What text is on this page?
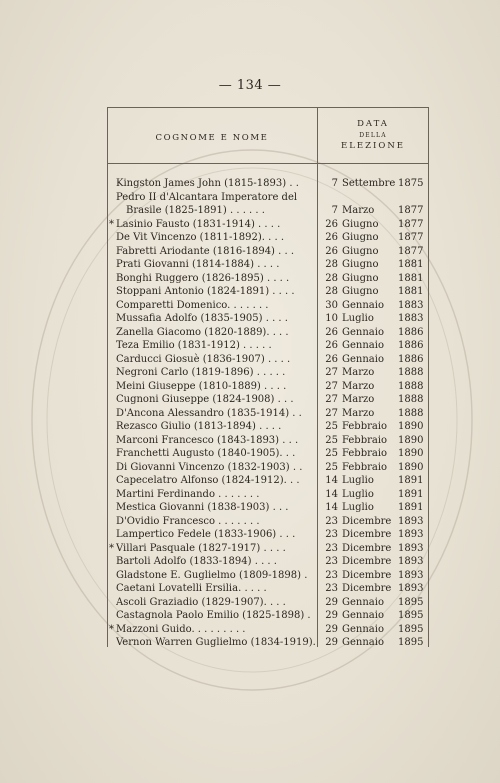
— 134 —
COGNOME E NOME
DATA
DELLA
ELEZIONE
Kingston James John (1815-1893) . .	7 Settembre 1875
Pedro II d'Alcantara Imperatore del
Brasile (1825-1891) . . . . . .	7 Marzo	1877
* Lasinio Fausto (1831-1914) . . . .	26 Giugno	1877
De Vit Vincenzo (1811-1892). . . .	26 Giugno	1877
Fabretti Ariodante (1816-1894) . . .	26 Giugno	1877
Prati Giovanni (1814-1884) . . . .	28 Giugno	1881
Bonghi Ruggero (1826-1895) . . . .	28 Giugno	1881
Stoppani Antonio (1824-1891) . . . .	28 Giugno	1881
Comparetti Domenico. . . . . . .	30 Gennaio	1883
Mussafia Adolfo (1835-1905) . . . .	10 Luglio	1883
Zanella Giacomo (1820-1889). . . .	26 Gennaio	1886
Teza Emilio (1831-1912) . . . . .	26 Gennaio	1886
Carducci Giosuè (1836-1907) . . . .	26 Gennaio	1886
Negroni Carlo (1819-1896) . . . . .	27 Marzo	1888
Meini Giuseppe (1810-1889) . . . .	27 Marzo	1888
Cugnoni Giuseppe (1824-1908) . . .	27 Marzo	1888
D'Ancona Alessandro (1835-1914) . .	27 Marzo	1888
Rezasco Giulio (1813-1894) . . . .	25 Febbraio	1890
Marconi Francesco (1843-1893) . . .	25 Febbraio	1890
Franchetti Augusto (1840-1905). . .	25 Febbraio	1890
Di Giovanni Vincenzo (1832-1903) . .	25 Febbraio	1890
Capecelatro Alfonso (1824-1912). . .	14 Luglio	1891
Martini Ferdinando . . . . . . .	14 Luglio	1891
Mestica Giovanni (1838-1903) . . .	14 Luglio	1891
D'Ovidio Francesco . . . . . . .	23 Dicembre 1893
Lampertico Fedele (1833-1906) . . .	23 Dicembre 1893
* Villari Pasquale (1827-1917) . . . .	23 Dicembre 1893
Bartoli Adolfo (1833-1894) . . . .	23 Dicembre 1893
Gladstone E. Guglielmo (1809-1898) .	23 Dicembre 1893
Caetani Lovatelli Ersilia. . . . .	23 Dicembre 1893
Ascoli Graziadio (1829-1907). . . .	29 Gennaio	1895
Castagnola Paolo Emilio (1825-1898) .	29 Gennaio	1895
* Mazzoni Guido. . . . . . . . .	29 Gennaio	1895
Vernon Warren Guglielmo (1834-1919). 29 Gennaio	1895
